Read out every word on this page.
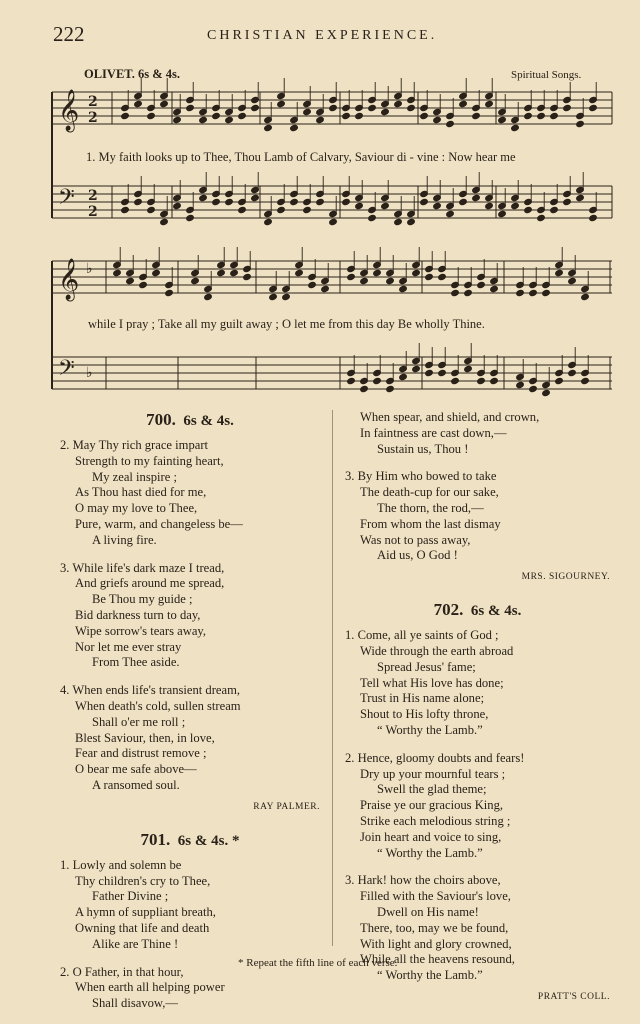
222	CHRISTIAN EXPERIENCE.
OLIVET. 6s & 4s.	Spiritual Songs.
𝄞 2
2
𝄢 2
2
𝄞 ♭
𝄢 ♭
1. My faith looks up to Thee, Thou Lamb of Calvary, Saviour di - vine : Now hear me
while I pray ; Take all my guilt away ; O let me from this day Be wholly Thine.
700. 6s & 4s.
2. May Thy rich grace impart
Strength to my fainting heart,
My zeal inspire ;
As Thou hast died for me,
O may my love to Thee,
Pure, warm, and changeless be—
A living fire.
3. While life's dark maze I tread,
And griefs around me spread,
Be Thou my guide ;
Bid darkness turn to day,
Wipe sorrow's tears away,
Nor let me ever stray
From Thee aside.
4. When ends life's transient dream,
When death's cold, sullen stream
Shall o'er me roll ;
Blest Saviour, then, in love,
Fear and distrust remove ;
O bear me safe above—
A ransomed soul.
RAY PALMER.
701. 6s & 4s. *
1. Lowly and solemn be
Thy children's cry to Thee,
Father Divine ;
A hymn of suppliant breath,
Owning that life and death
Alike are Thine !
2. O Father, in that hour,
When earth all helping power
Shall disavow,—
When spear, and shield, and crown,
In faintness are cast down,—
Sustain us, Thou !
3. By Him who bowed to take
The death-cup for our sake,
The thorn, the rod,—
From whom the last dismay
Was not to pass away,
Aid us, O God !
MRS. SIGOURNEY.
702. 6s & 4s.
1. Come, all ye saints of God ;
Wide through the earth abroad
Spread Jesus' fame;
Tell what His love has done;
Trust in His name alone;
Shout to His lofty throne,
“ Worthy the Lamb.”
2. Hence, gloomy doubts and fears!
Dry up your mournful tears ;
Swell the glad theme;
Praise ye our gracious King,
Strike each melodious string ;
Join heart and voice to sing,
“ Worthy the Lamb.”
3. Hark! how the choirs above,
Filled with the Saviour's love,
Dwell on His name!
There, too, may we be found,
With light and glory crowned,
While all the heavens resound,
“ Worthy the Lamb.”
PRATT'S COLL.
* Repeat the fifth line of each verse.
